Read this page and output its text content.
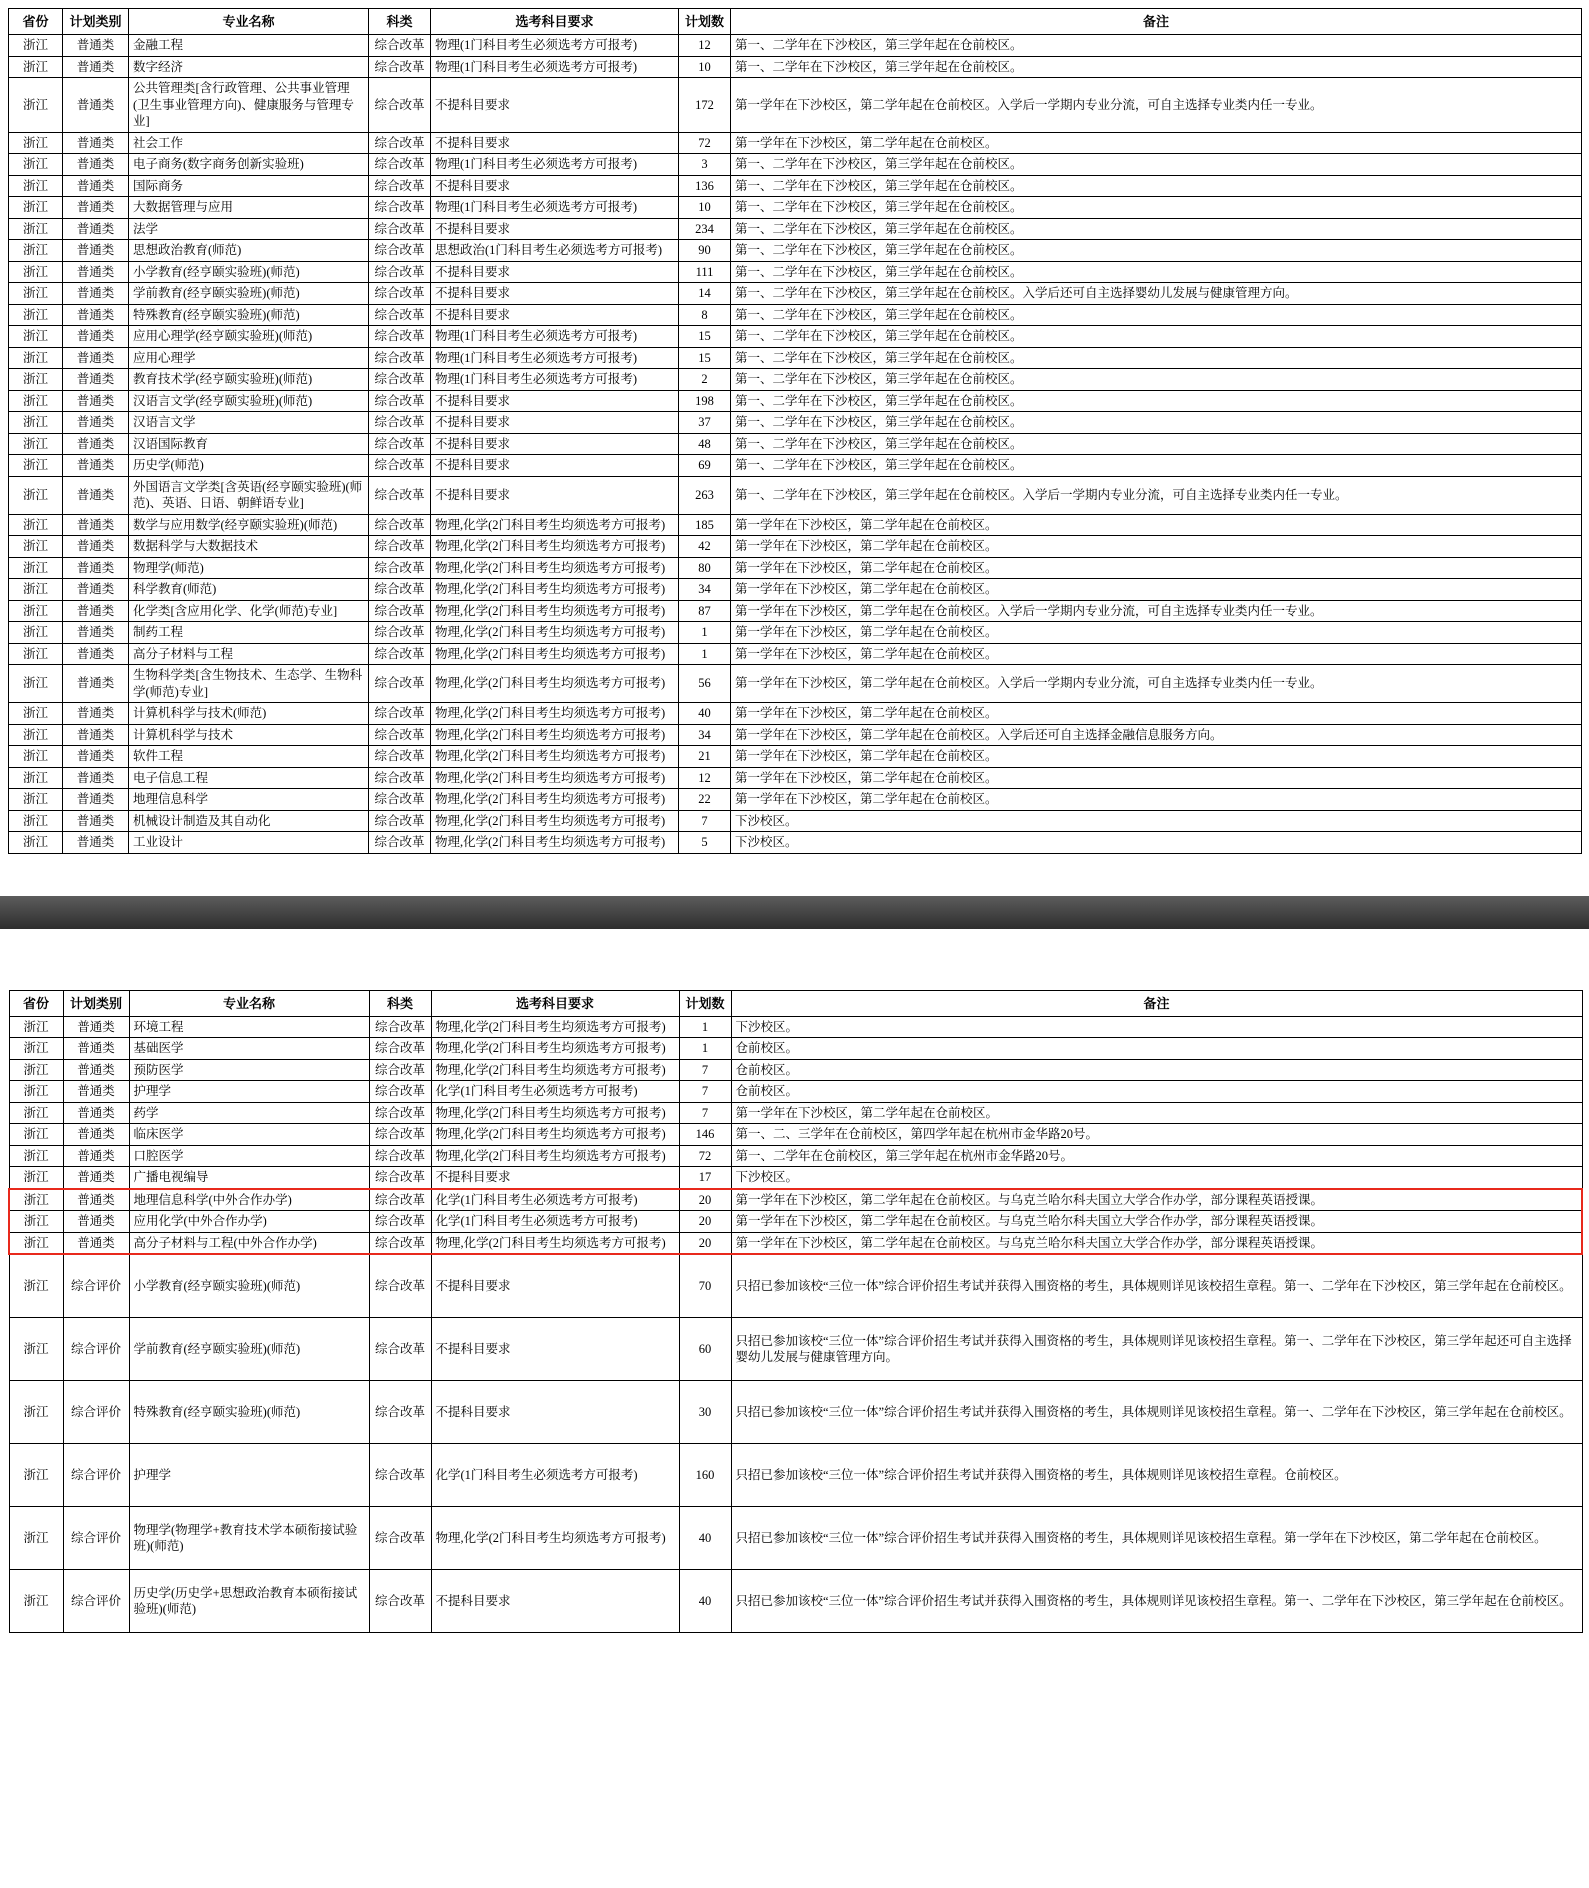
省份	计划类别	专业名称	科类	选考科目要求	计划数	备注
浙江	普通类	金融工程	综合改革	物理(1门科目考生必须选考方可报考)	12	第一、二学年在下沙校区，第三学年起在仓前校区。
浙江	普通类	数字经济	综合改革	物理(1门科目考生必须选考方可报考)	10	第一、二学年在下沙校区，第三学年起在仓前校区。
浙江	普通类	公共管理类[含行政管理、公共事业管理(卫生事业管理方向)、健康服务与管理专业]	综合改革	不提科目要求	172	第一学年在下沙校区，第二学年起在仓前校区。入学后一学期内专业分流，可自主选择专业类内任一专业。
浙江	普通类	社会工作	综合改革	不提科目要求	72	第一学年在下沙校区，第二学年起在仓前校区。
浙江	普通类	电子商务(数字商务创新实验班)	综合改革	物理(1门科目考生必须选考方可报考)	3	第一、二学年在下沙校区，第三学年起在仓前校区。
浙江	普通类	国际商务	综合改革	不提科目要求	136	第一、二学年在下沙校区，第三学年起在仓前校区。
浙江	普通类	大数据管理与应用	综合改革	物理(1门科目考生必须选考方可报考)	10	第一、二学年在下沙校区，第三学年起在仓前校区。
浙江	普通类	法学	综合改革	不提科目要求	234	第一、二学年在下沙校区，第三学年起在仓前校区。
浙江	普通类	思想政治教育(师范)	综合改革	思想政治(1门科目考生必须选考方可报考)	90	第一、二学年在下沙校区，第三学年起在仓前校区。
浙江	普通类	小学教育(经亨颐实验班)(师范)	综合改革	不提科目要求	111	第一、二学年在下沙校区，第三学年起在仓前校区。
浙江	普通类	学前教育(经亨颐实验班)(师范)	综合改革	不提科目要求	14	第一、二学年在下沙校区，第三学年起在仓前校区。入学后还可自主选择婴幼儿发展与健康管理方向。
浙江	普通类	特殊教育(经亨颐实验班)(师范)	综合改革	不提科目要求	8	第一、二学年在下沙校区，第三学年起在仓前校区。
浙江	普通类	应用心理学(经亨颐实验班)(师范)	综合改革	物理(1门科目考生必须选考方可报考)	15	第一、二学年在下沙校区，第三学年起在仓前校区。
浙江	普通类	应用心理学	综合改革	物理(1门科目考生必须选考方可报考)	15	第一、二学年在下沙校区，第三学年起在仓前校区。
浙江	普通类	教育技术学(经亨颐实验班)(师范)	综合改革	物理(1门科目考生必须选考方可报考)	2	第一、二学年在下沙校区，第三学年起在仓前校区。
浙江	普通类	汉语言文学(经亨颐实验班)(师范)	综合改革	不提科目要求	198	第一、二学年在下沙校区，第三学年起在仓前校区。
浙江	普通类	汉语言文学	综合改革	不提科目要求	37	第一、二学年在下沙校区，第三学年起在仓前校区。
浙江	普通类	汉语国际教育	综合改革	不提科目要求	48	第一、二学年在下沙校区，第三学年起在仓前校区。
浙江	普通类	历史学(师范)	综合改革	不提科目要求	69	第一、二学年在下沙校区，第三学年起在仓前校区。
浙江	普通类	外国语言文学类[含英语(经亨颐实验班)(师范)、英语、日语、朝鲜语专业]	综合改革	不提科目要求	263	第一、二学年在下沙校区，第三学年起在仓前校区。入学后一学期内专业分流，可自主选择专业类内任一专业。
浙江	普通类	数学与应用数学(经亨颐实验班)(师范)	综合改革	物理,化学(2门科目考生均须选考方可报考)	185	第一学年在下沙校区，第二学年起在仓前校区。
浙江	普通类	数据科学与大数据技术	综合改革	物理,化学(2门科目考生均须选考方可报考)	42	第一学年在下沙校区，第二学年起在仓前校区。
浙江	普通类	物理学(师范)	综合改革	物理,化学(2门科目考生均须选考方可报考)	80	第一学年在下沙校区，第二学年起在仓前校区。
浙江	普通类	科学教育(师范)	综合改革	物理,化学(2门科目考生均须选考方可报考)	34	第一学年在下沙校区，第二学年起在仓前校区。
浙江	普通类	化学类[含应用化学、化学(师范)专业]	综合改革	物理,化学(2门科目考生均须选考方可报考)	87	第一学年在下沙校区，第二学年起在仓前校区。入学后一学期内专业分流，可自主选择专业类内任一专业。
浙江	普通类	制药工程	综合改革	物理,化学(2门科目考生均须选考方可报考)	1	第一学年在下沙校区，第二学年起在仓前校区。
浙江	普通类	高分子材料与工程	综合改革	物理,化学(2门科目考生均须选考方可报考)	1	第一学年在下沙校区，第二学年起在仓前校区。
浙江	普通类	生物科学类[含生物技术、生态学、生物科学(师范)专业]	综合改革	物理,化学(2门科目考生均须选考方可报考)	56	第一学年在下沙校区，第二学年起在仓前校区。入学后一学期内专业分流，可自主选择专业类内任一专业。
浙江	普通类	计算机科学与技术(师范)	综合改革	物理,化学(2门科目考生均须选考方可报考)	40	第一学年在下沙校区，第二学年起在仓前校区。
浙江	普通类	计算机科学与技术	综合改革	物理,化学(2门科目考生均须选考方可报考)	34	第一学年在下沙校区，第二学年起在仓前校区。入学后还可自主选择金融信息服务方向。
浙江	普通类	软件工程	综合改革	物理,化学(2门科目考生均须选考方可报考)	21	第一学年在下沙校区，第二学年起在仓前校区。
浙江	普通类	电子信息工程	综合改革	物理,化学(2门科目考生均须选考方可报考)	12	第一学年在下沙校区，第二学年起在仓前校区。
浙江	普通类	地理信息科学	综合改革	物理,化学(2门科目考生均须选考方可报考)	22	第一学年在下沙校区，第二学年起在仓前校区。
浙江	普通类	机械设计制造及其自动化	综合改革	物理,化学(2门科目考生均须选考方可报考)	7	下沙校区。
浙江	普通类	工业设计	综合改革	物理,化学(2门科目考生均须选考方可报考)	5	下沙校区。
省份	计划类别	专业名称	科类	选考科目要求	计划数	备注
浙江	普通类	环境工程	综合改革	物理,化学(2门科目考生均须选考方可报考)	1	下沙校区。
浙江	普通类	基础医学	综合改革	物理,化学(2门科目考生均须选考方可报考)	1	仓前校区。
浙江	普通类	预防医学	综合改革	物理,化学(2门科目考生均须选考方可报考)	7	仓前校区。
浙江	普通类	护理学	综合改革	化学(1门科目考生必须选考方可报考)	7	仓前校区。
浙江	普通类	药学	综合改革	物理,化学(2门科目考生均须选考方可报考)	7	第一学年在下沙校区，第二学年起在仓前校区。
浙江	普通类	临床医学	综合改革	物理,化学(2门科目考生均须选考方可报考)	146	第一、二、三学年在仓前校区，第四学年起在杭州市金华路20号。
浙江	普通类	口腔医学	综合改革	物理,化学(2门科目考生均须选考方可报考)	72	第一、二学年在仓前校区，第三学年起在杭州市金华路20号。
浙江	普通类	广播电视编导	综合改革	不提科目要求	17	下沙校区。
浙江	普通类	地理信息科学(中外合作办学)	综合改革	化学(1门科目考生必须选考方可报考)	20	第一学年在下沙校区，第二学年起在仓前校区。与乌克兰哈尔科夫国立大学合作办学，部分课程英语授课。
浙江	普通类	应用化学(中外合作办学)	综合改革	化学(1门科目考生必须选考方可报考)	20	第一学年在下沙校区，第二学年起在仓前校区。与乌克兰哈尔科夫国立大学合作办学，部分课程英语授课。
浙江	普通类	高分子材料与工程(中外合作办学)	综合改革	物理,化学(2门科目考生均须选考方可报考)	20	第一学年在下沙校区，第二学年起在仓前校区。与乌克兰哈尔科夫国立大学合作办学，部分课程英语授课。
浙江	综合评价	小学教育(经亨颐实验班)(师范)	综合改革	不提科目要求	70	只招已参加该校“三位一体”综合评价招生考试并获得入围资格的考生，具体规则详见该校招生章程。第一、二学年在下沙校区，第三学年起在仓前校区。
浙江	综合评价	学前教育(经亨颐实验班)(师范)	综合改革	不提科目要求	60	只招已参加该校“三位一体”综合评价招生考试并获得入围资格的考生，具体规则详见该校招生章程。第一、二学年在下沙校区，第三学年起还可自主选择婴幼儿发展与健康管理方向。
浙江	综合评价	特殊教育(经亨颐实验班)(师范)	综合改革	不提科目要求	30	只招已参加该校“三位一体”综合评价招生考试并获得入围资格的考生，具体规则详见该校招生章程。第一、二学年在下沙校区，第三学年起在仓前校区。
浙江	综合评价	护理学	综合改革	化学(1门科目考生必须选考方可报考)	160	只招已参加该校“三位一体”综合评价招生考试并获得入围资格的考生，具体规则详见该校招生章程。仓前校区。
浙江	综合评价	物理学(物理学+教育技术学本硕衔接试验班)(师范)	综合改革	物理,化学(2门科目考生均须选考方可报考)	40	只招已参加该校“三位一体”综合评价招生考试并获得入围资格的考生，具体规则详见该校招生章程。第一学年在下沙校区，第二学年起在仓前校区。
浙江	综合评价	历史学(历史学+思想政治教育本硕衔接试验班)(师范)	综合改革	不提科目要求	40	只招已参加该校“三位一体”综合评价招生考试并获得入围资格的考生，具体规则详见该校招生章程。第一、二学年在下沙校区，第三学年起在仓前校区。
